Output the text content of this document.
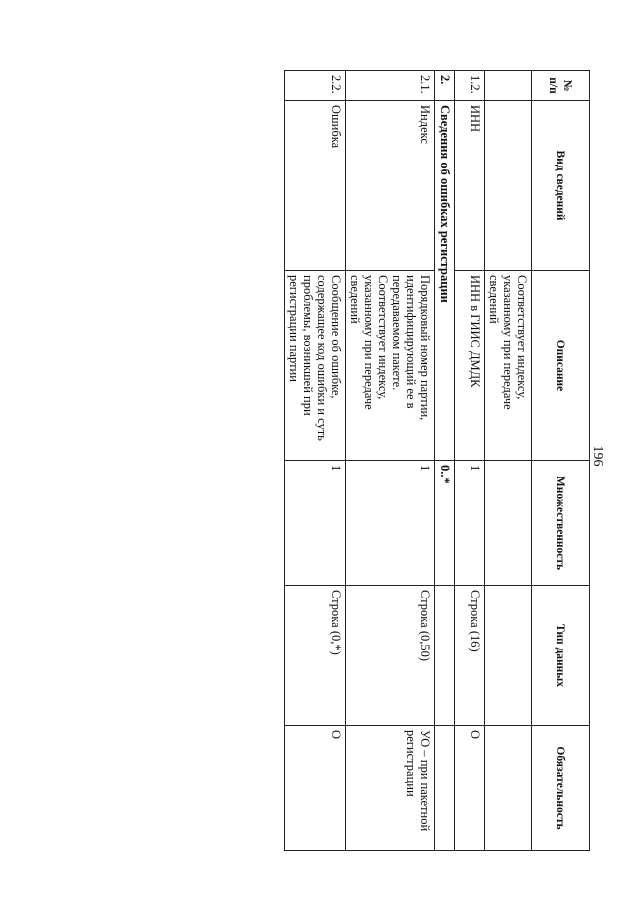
196
№ п/п	Вид сведений	Описание	Множественность	Тип данных	Обязательность
		Соответствует индексу, указанному при передаче сведений			
1.2.	ИНН	ИНН в ГИИС ДМДК	1	Строка (16)	О
2.	Сведения об ошибках регистрации		0..*		
2.1.	Индекс	Порядковый номер партии, идентифицирующий ее в передаваемом пакете. Соответствует индексу, указанному при передаче сведений	1	Строка (0,50)	УО – при пакетной регистрации
2.2.	Ошибка	Сообщение об ошибке, содержащее код ошибки и суть проблемы, возникшей при регистрации партии	1	Строка (0,*)	О
